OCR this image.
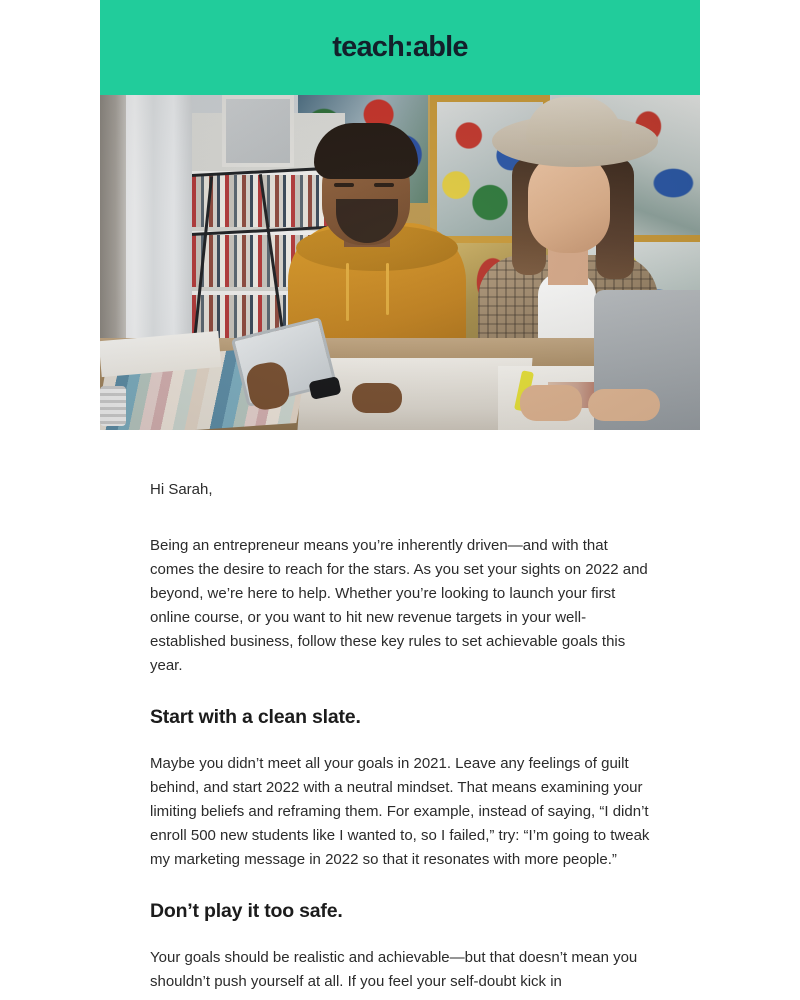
teach:able

Hi Sarah,

Being an entrepreneur means you’re inherently driven—and with that comes the desire to reach for the stars. As you set your sights on 2022 and beyond, we’re here to help. Whether you’re looking to launch your first online course, or you want to hit new revenue targets in your well-established business, follow these key rules to set achievable goals this year.

Start with a clean slate.

Maybe you didn’t meet all your goals in 2021. Leave any feelings of guilt behind, and start 2022 with a neutral mindset. That means examining your limiting beliefs and reframing them. For example, instead of saying, “I didn’t enroll 500 new students like I wanted to, so I failed,” try: “I’m going to tweak my marketing message in 2022 so that it resonates with more people.”

Don’t play it too safe.

Your goals should be realistic and achievable—but that doesn’t mean you shouldn’t push yourself at all. If you feel your self-doubt kick in
